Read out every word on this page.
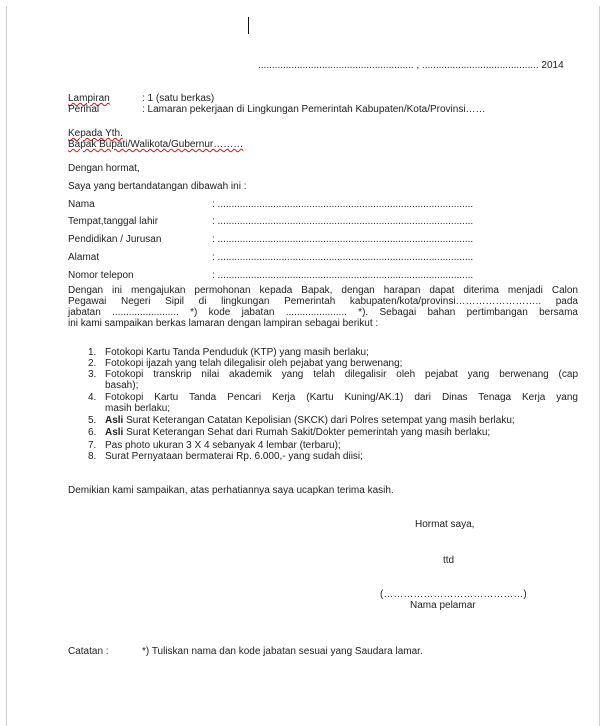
........................................................ , .......................................... 2014
Lampiran	: 1 (satu berkas)
Perihal	: Lamaran pekerjaan di Lingkungan Pemerintah Kabupaten/Kota/Provinsi……
Kepada Yth.
Bapak Bupati/Walikota/Gubernur………
Dengan hormat,
Saya yang bertandatangan dibawah ini :
Nama	: ............................................................................................
Tempat,tanggal lahir	: ............................................................................................
Pendidikan / Jurusan	: ............................................................................................
Alamat	: ............................................................................................
Nomor telepon	: ............................................................................................
Dengan ini mengajukan permohonan kepada Bapak, dengan harapan dapat diterima menjadi Calon
Pegawai Negeri Sipil di lingkungan Pemerintah kabupaten/kota/provinsi…………………….. pada
jabatan ........................ *) kode jabatan ...................... *). Sebagai bahan pertimbangan bersama
ini kami sampaikan berkas lamaran dengan lampiran sebagai berikut :
1. Fotokopi Kartu Tanda Penduduk (KTP) yang masih berlaku;
2. Fotokopi ijazah yang telah dilegalisir oleh pejabat yang berwenang;
3. Fotokopi transkrip nilai akademik yang telah dilegalisir oleh pejabat yang berwenang (cap
basah);
4. Fotokopi Kartu Tanda Pencari Kerja (Kartu Kuning/AK.1) dari Dinas Tenaga Kerja yang
masih berlaku;
5. Asli Surat Keterangan Catatan Kepolisian (SKCK) dari Polres setempat yang masih berlaku;
6. Asli Surat Keterangan Sehat dari Rumah Sakit/Dokter pemerintah yang masih berlaku;
7. Pas photo ukuran 3 X 4 sebanyak 4 lembar (terbaru);
8. Surat Pernyataan bermaterai Rp. 6.000,- yang sudah diisi;
Demikian kami sampaikan, atas perhatiannya saya ucapkan terima kasih.
Hormat saya,
ttd
(……………………………………)
Nama pelamar
Catatan :	*) Tuliskan nama dan kode jabatan sesuai yang Saudara lamar.
